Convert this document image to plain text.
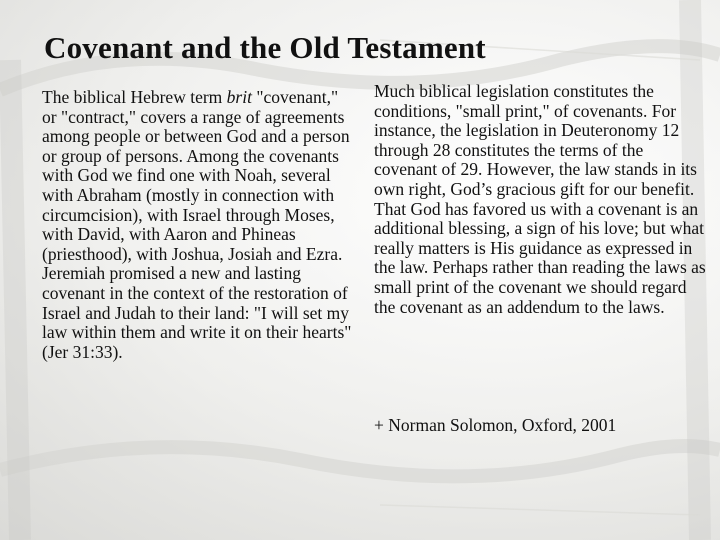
Covenant and the Old Testament

The biblical Hebrew term brit "covenant," or "contract," covers a range of agreements among people or between God and a person or group of persons. Among the covenants with God we find one with Noah, several with Abraham (mostly in connection with circumcision), with Israel through Moses, with David, with Aaron and Phineas (priesthood), with Joshua, Josiah and Ezra. Jeremiah promised a new and lasting covenant in the context of the restoration of Israel and Judah to their land: "I will set my law within them and write it on their hearts" (Jer 31:33).

Much biblical legislation constitutes the conditions, "small print," of covenants. For instance, the legislation in Deuteronomy 12 through 28 constitutes the terms of the covenant of 29. However, the law stands in its own right, God’s gracious gift for our benefit. That God has favored us with a covenant is an additional blessing, a sign of his love; but what really matters is His guidance as expressed in the law. Perhaps rather than reading the laws as small print of the covenant we should regard the covenant as an addendum to the laws.

+ Norman Solomon, Oxford, 2001
